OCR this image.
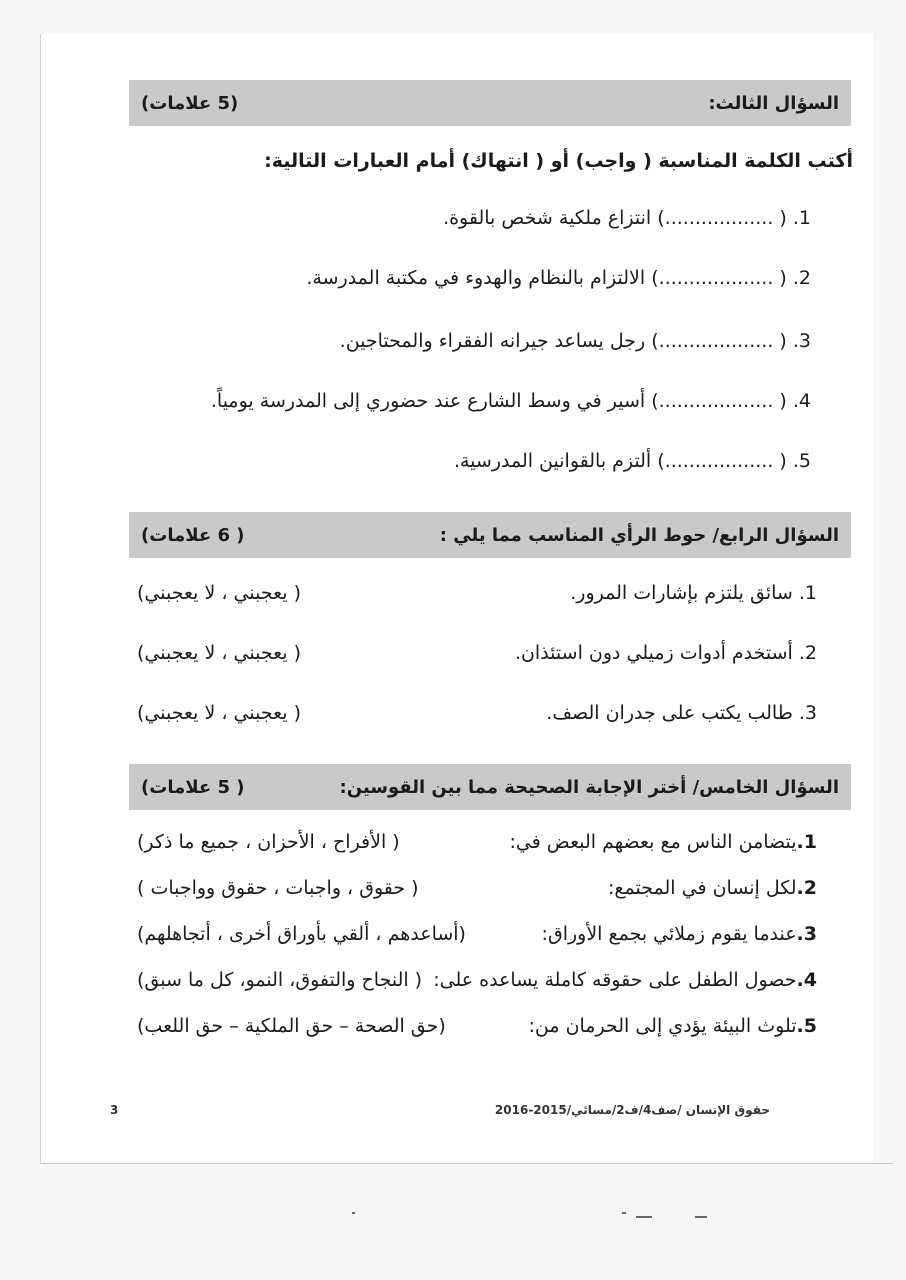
السؤال الثالث:
(5 علامات)
أكتب الكلمة المناسبة ( واجب) أو ( انتهاك) أمام العبارات التالية:
1. ( ..................) انتزاع ملكية شخص بالقوة.
2. ( ...................) الالتزام بالنظام والهدوء في مكتبة المدرسة.
3. ( ...................) رجل يساعد جيرانه الفقراء والمحتاجين.
4. ( ...................) أسير في وسط الشارع عند حضوري إلى المدرسة يومياً.
5. ( ..................) ألتزم بالقوانين المدرسية.
السؤال الرابع/ حوط الرأي المناسب مما يلي :
( 6 علامات)
1. سائق يلتزم بإشارات المرور.
( يعجبني ، لا يعجبني)
2. أستخدم أدوات زميلي دون استئذان.
( يعجبني ، لا يعجبني)
3. طالب يكتب على جدران الصف.
( يعجبني ، لا يعجبني)
السؤال الخامس/ أختر الإجابة الصحيحة مما بين القوسين:
( 5 علامات)
1.يتضامن الناس مع بعضهم البعض في:
( الأفراح ، الأحزان ، جميع ما ذكر)
2.لكل إنسان في المجتمع:
( حقوق ، واجبات ، حقوق وواجبات )
3.عندما يقوم زملائي بجمع الأوراق:
(أساعدهم ، ألقي بأوراق أخرى ، أتجاهلهم)
4.حصول الطفل على حقوقه كاملة يساعده على:
( النجاح والتفوق، النمو، كل ما سبق)
5.تلوث البيئة يؤدي إلى الحرمان من:
(حق الصحة – حق الملكية – حق اللعب)
حقوق الإنسان /صف4/ف2/مسائي/2015-2016
3
